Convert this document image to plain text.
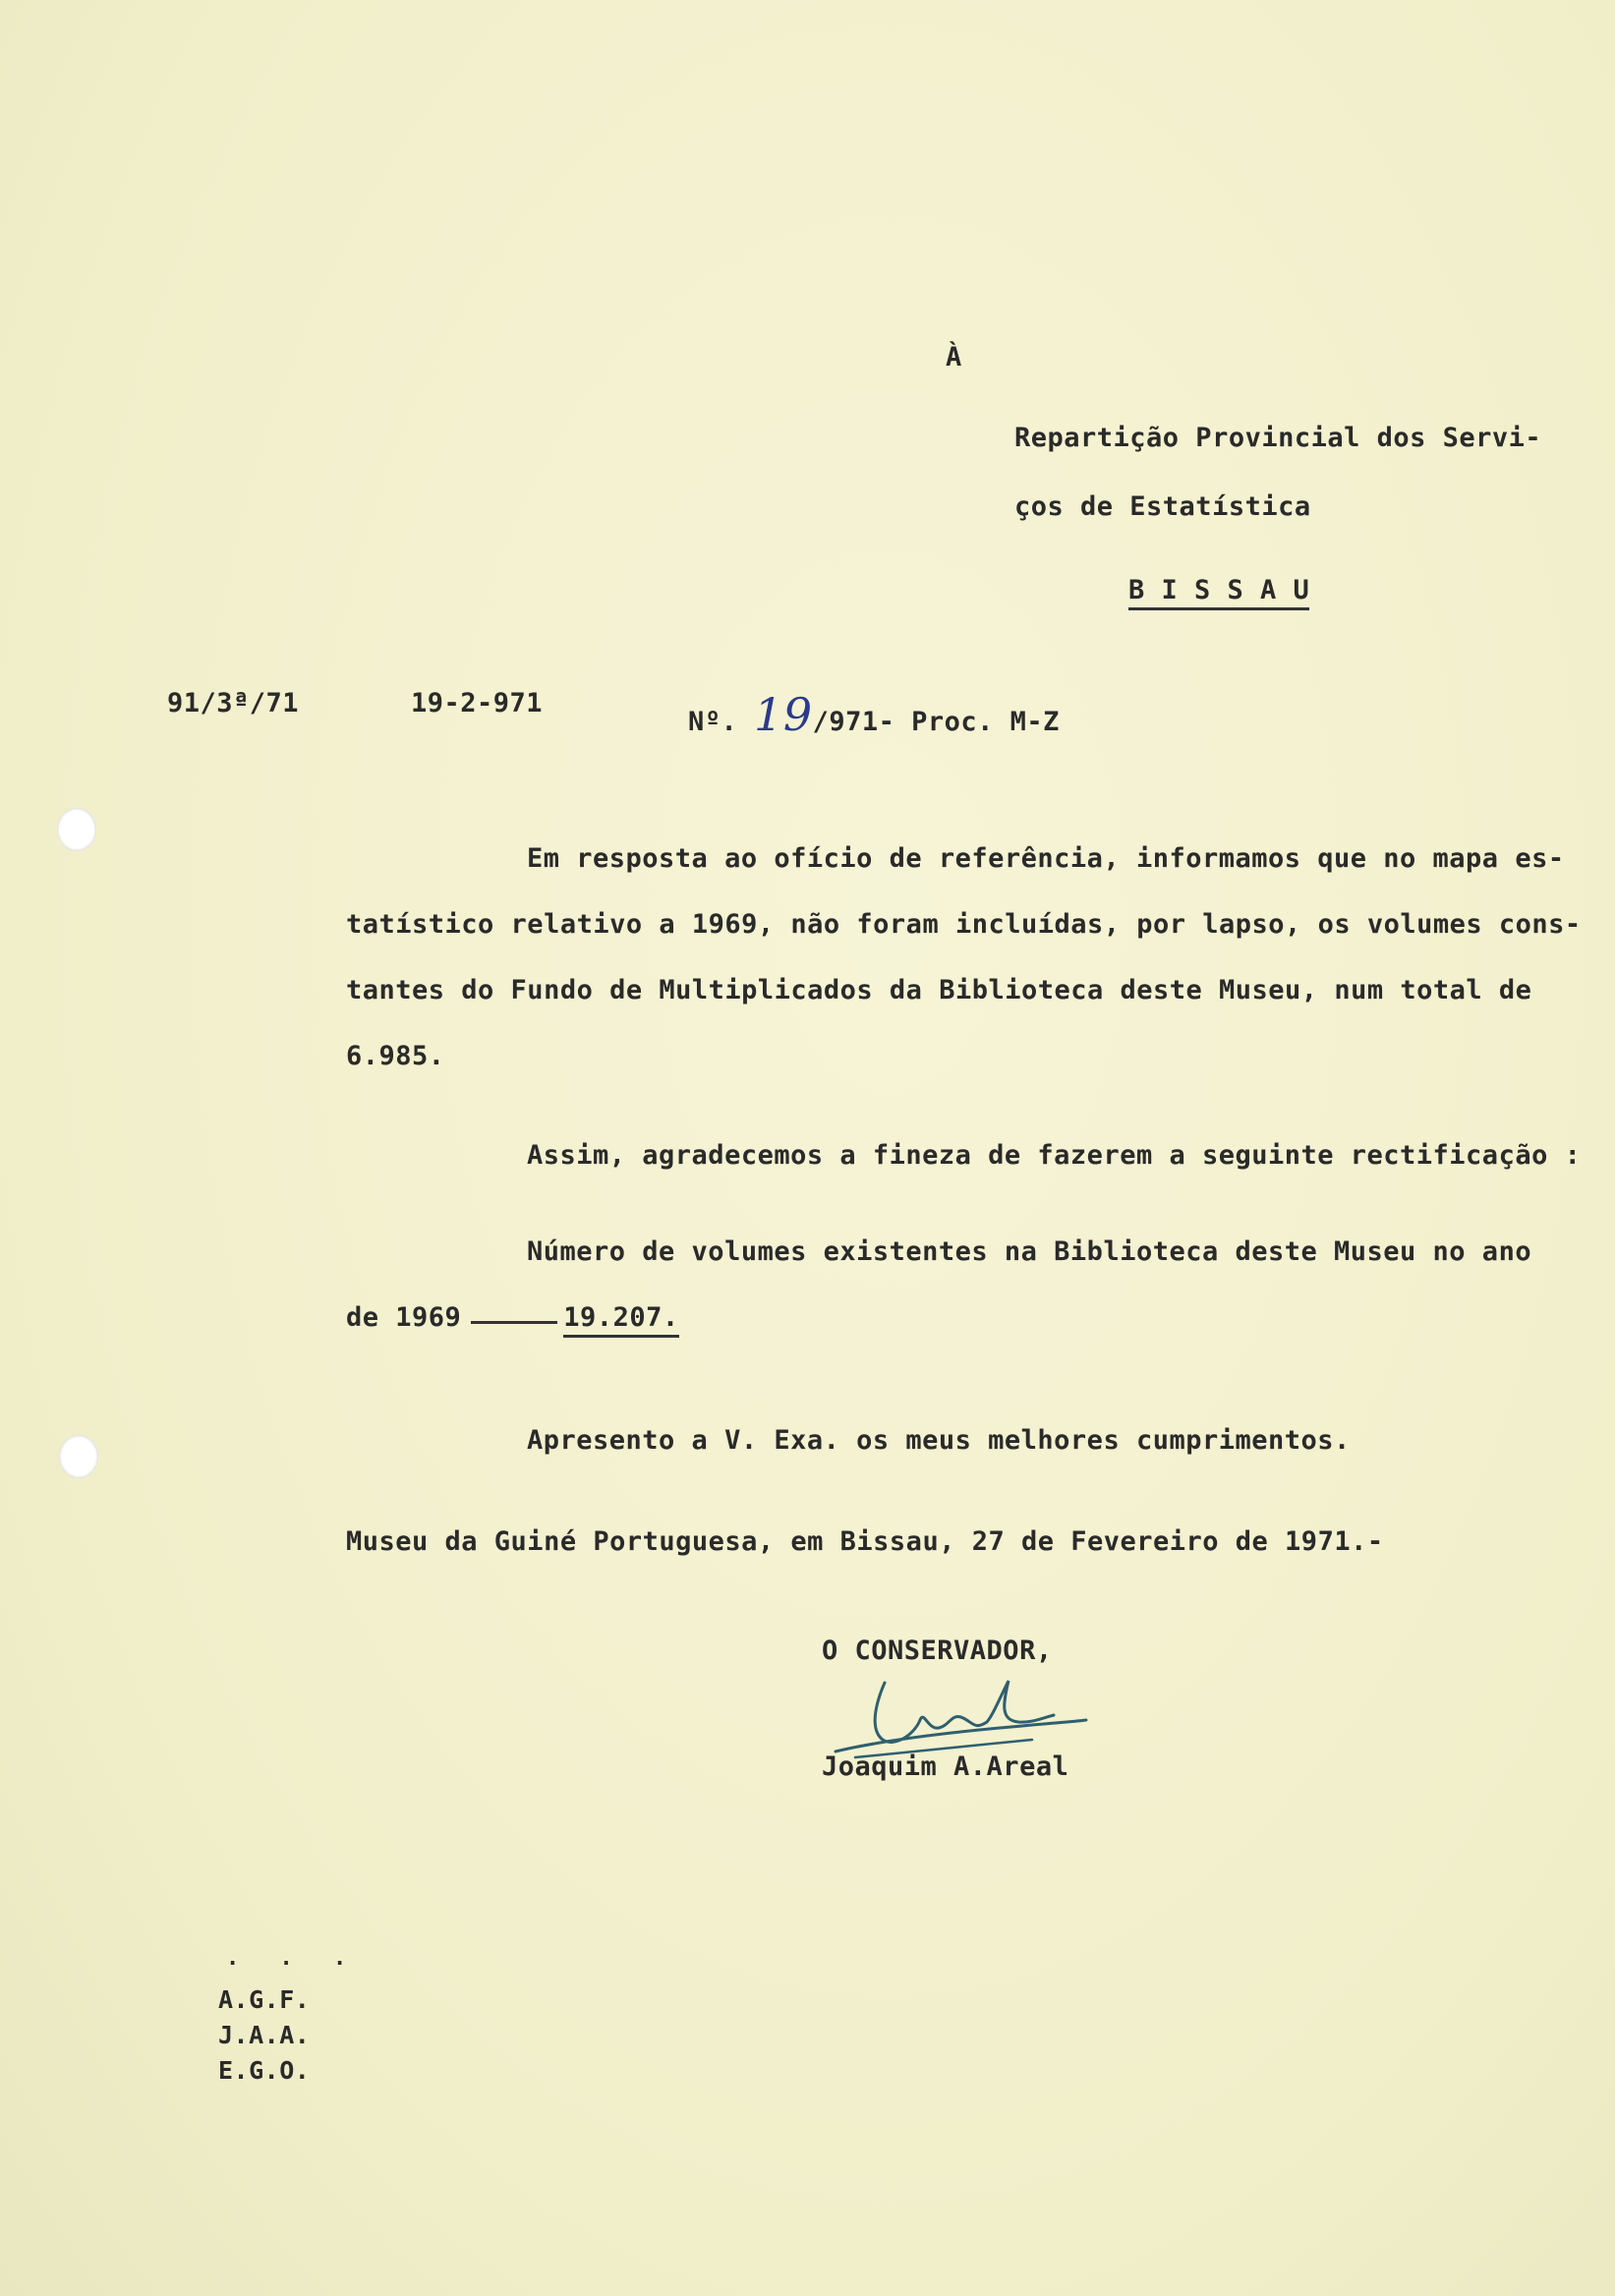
À
Repartição Provincial dos Servi-
ços de Estatística
B I S S A U
91/3ª/71	19-2-971
Nº. 19/971- Proc. M-Z
Em resposta ao ofício de referência, informamos que no mapa es-
tatístico relativo a 1969, não foram incluídas, por lapso, os volumes cons-
tantes do Fundo de Multiplicados da Biblioteca deste Museu, num total de
6.985.
Assim, agradecemos a fineza de fazerem a seguinte rectificação :
Número de volumes existentes na Biblioteca deste Museu no ano
de 1969	19.207.
Apresento a V. Exa. os meus melhores cumprimentos.
Museu da Guiné Portuguesa, em Bissau, 27 de Fevereiro de 1971.-
O CONSERVADOR,
Joaquim A.Areal
. . .
A.G.F.
J.A.A.
E.G.O.
